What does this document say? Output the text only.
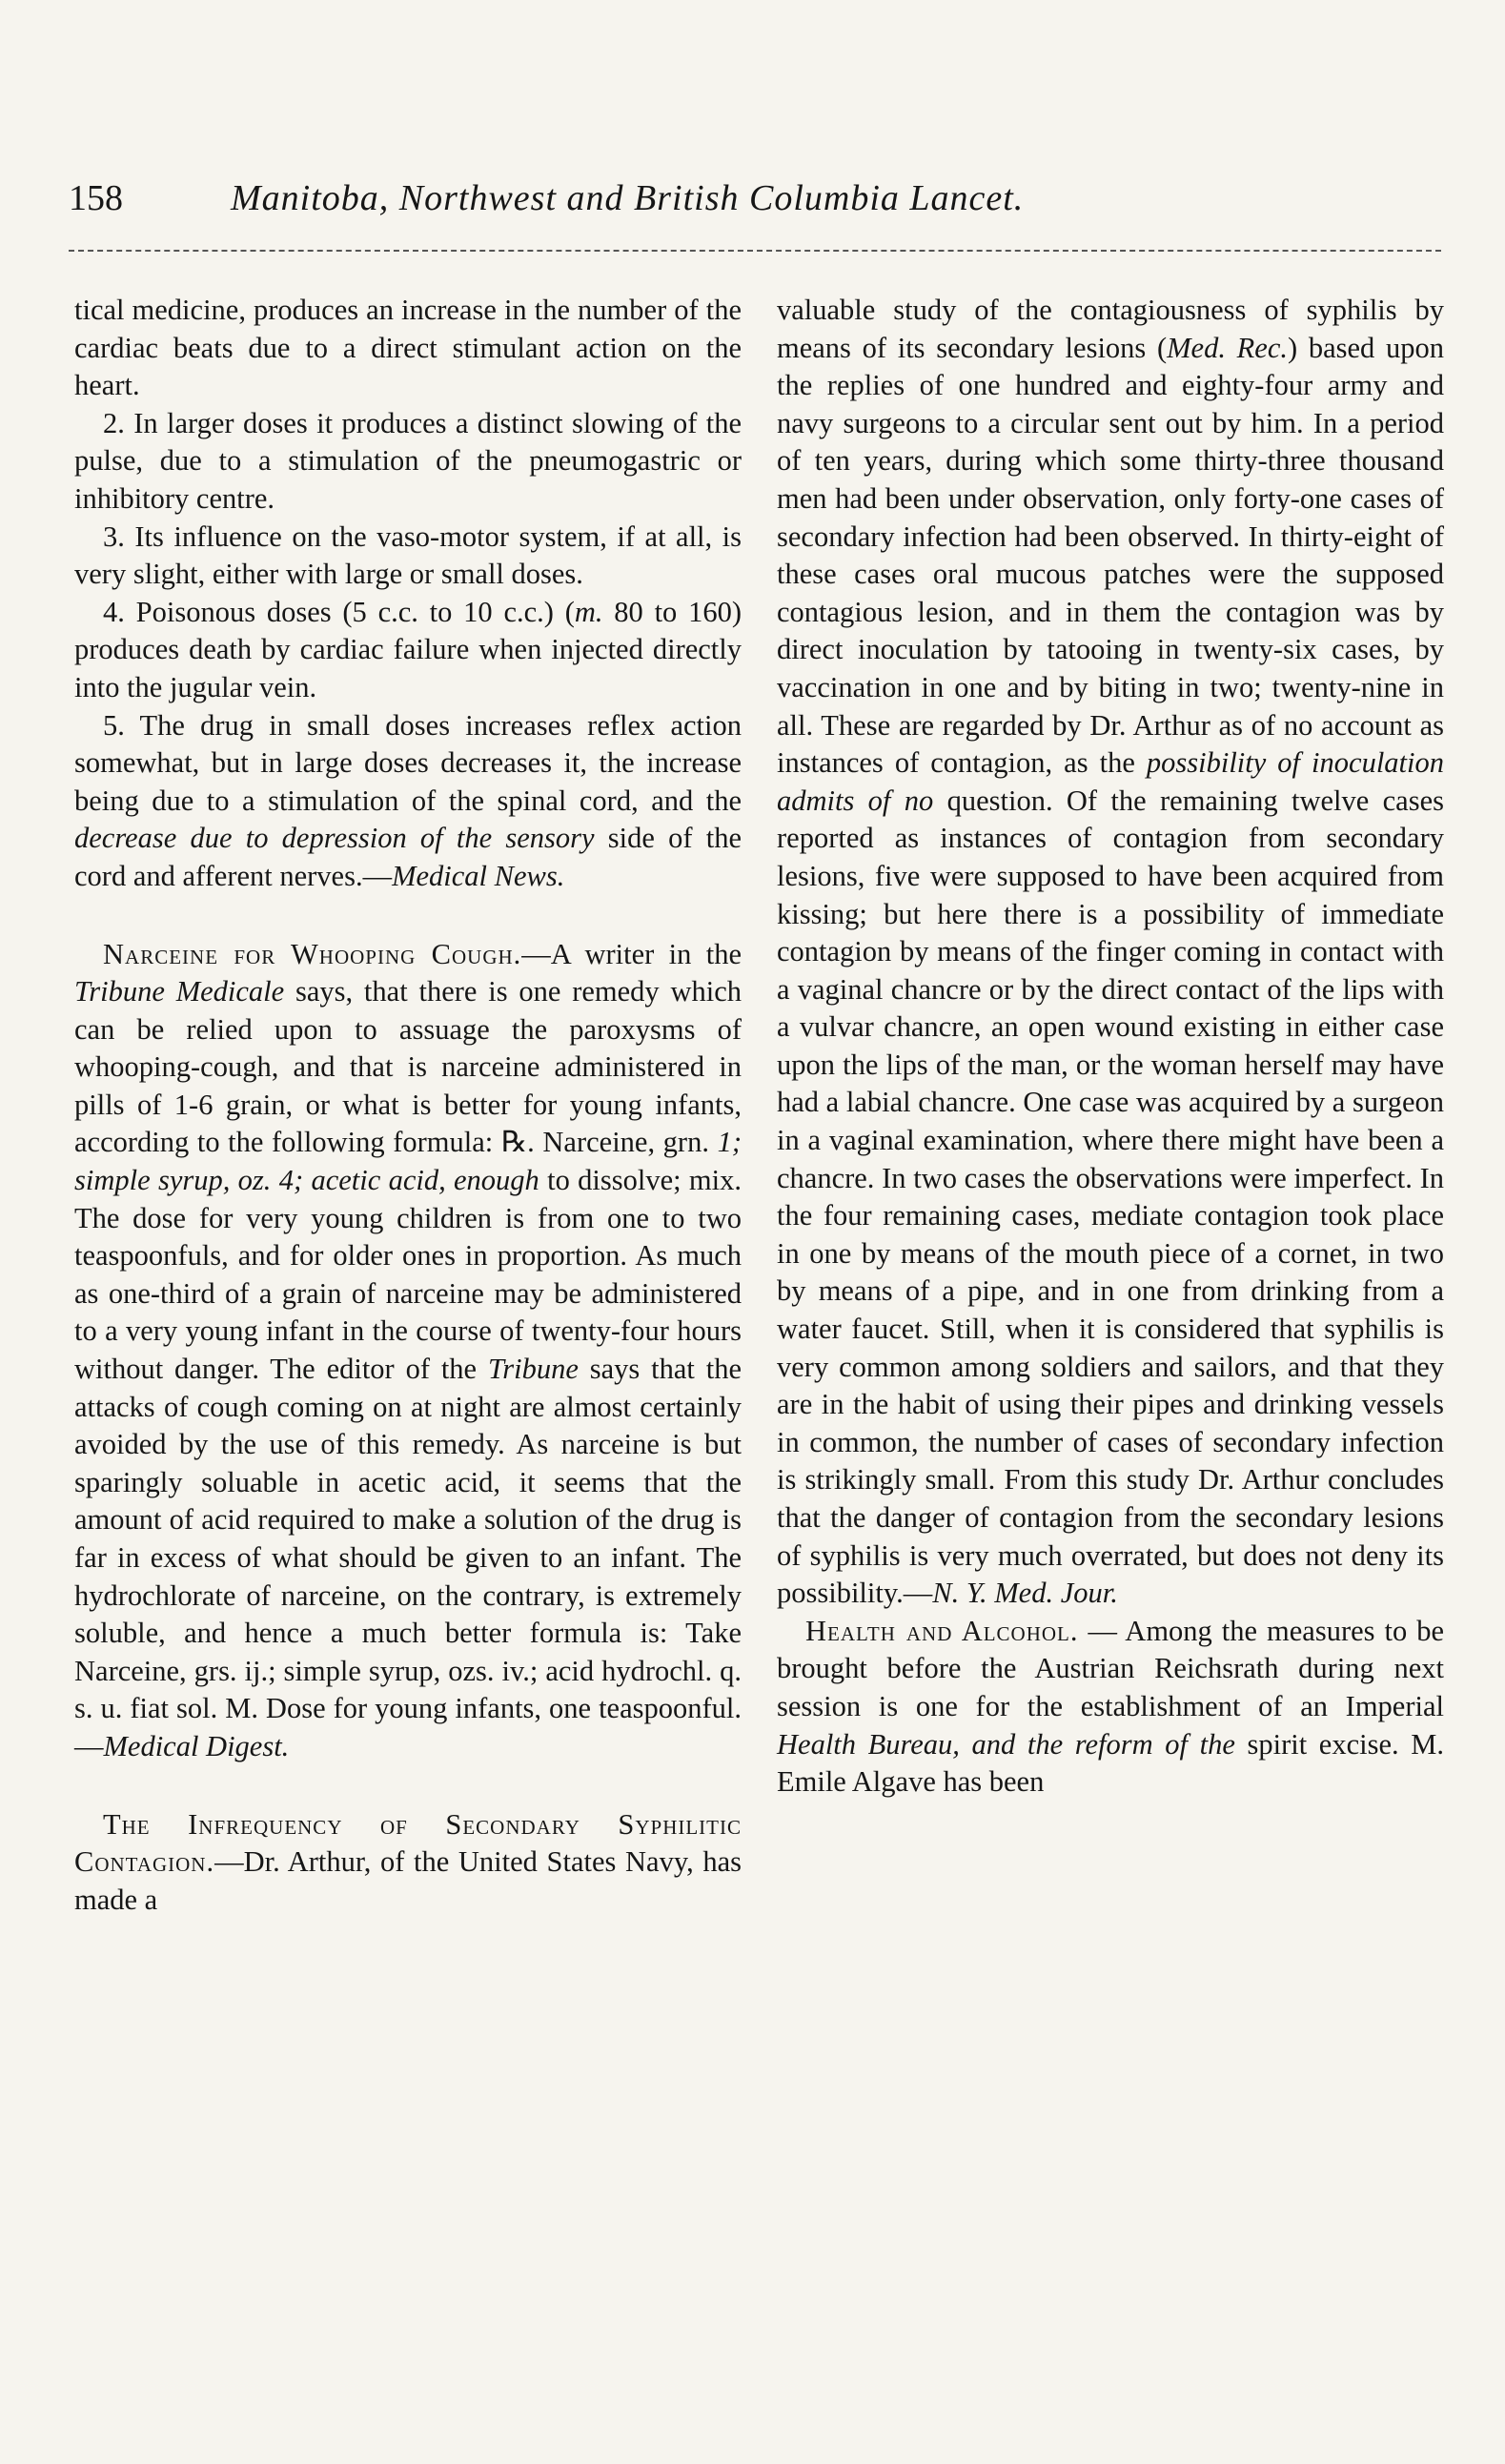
158	Manitoba, Northwest and British Columbia Lancet.

tical medicine, produces an increase in the number of the cardiac beats due to a direct stimulant action on the heart.

2. In larger doses it produces a distinct slowing of the pulse, due to a stimulation of the pneumogastric or inhibitory centre.

3. Its influence on the vaso-motor system, if at all, is very slight, either with large or small doses.

4. Poisonous doses (5 c.c. to 10 c.c.) (m. 80 to 160) produces death by cardiac failure when injected directly into the jugular vein.

5. The drug in small doses increases reflex action somewhat, but in large doses decreases it, the increase being due to a stimulation of the spinal cord, and the decrease due to depression of the sensory side of the cord and afferent nerves.—Medical News.

Narceine for Whooping Cough.—A writer in the Tribune Medicale says, that there is one remedy which can be relied upon to assuage the paroxysms of whooping-cough, and that is narceine administered in pills of 1-6 grain, or what is better for young infants, according to the following formula: ℞. Narceine, grn. 1; simple syrup, oz. 4; acetic acid, enough to dissolve; mix. The dose for very young children is from one to two teaspoonfuls, and for older ones in proportion. As much as one-third of a grain of narceine may be administered to a very young infant in the course of twenty-four hours without danger. The editor of the Tribune says that the attacks of cough coming on at night are almost certainly avoided by the use of this remedy. As narceine is but sparingly soluable in acetic acid, it seems that the amount of acid required to make a solution of the drug is far in excess of what should be given to an infant. The hydrochlorate of narceine, on the contrary, is extremely soluble, and hence a much better formula is: Take Narceine, grs. ij.; simple syrup, ozs. iv.; acid hydrochl. q. s. u. fiat sol. M. Dose for young infants, one teaspoonful.—Medical Digest.

The Infrequency of Secondary Syphilitic Contagion.—Dr. Arthur, of the United States Navy, has made a

valuable study of the contagiousness of syphilis by means of its secondary lesions (Med. Rec.) based upon the replies of one hundred and eighty-four army and navy surgeons to a circular sent out by him. In a period of ten years, during which some thirty-three thousand men had been under observation, only forty-one cases of secondary infection had been observed. In thirty-eight of these cases oral mucous patches were the supposed contagious lesion, and in them the contagion was by direct inoculation by tatooing in twenty-six cases, by vaccination in one and by biting in two; twenty-nine in all. These are regarded by Dr. Arthur as of no account as instances of contagion, as the possibility of inoculation admits of no question. Of the remaining twelve cases reported as instances of contagion from secondary lesions, five were supposed to have been acquired from kissing; but here there is a possibility of immediate contagion by means of the finger coming in contact with a vaginal chancre or by the direct contact of the lips with a vulvar chancre, an open wound existing in either case upon the lips of the man, or the woman herself may have had a labial chancre. One case was acquired by a surgeon in a vaginal examination, where there might have been a chancre. In two cases the observations were imperfect. In the four remaining cases, mediate contagion took place in one by means of the mouth piece of a cornet, in two by means of a pipe, and in one from drinking from a water faucet. Still, when it is considered that syphilis is very common among soldiers and sailors, and that they are in the habit of using their pipes and drinking vessels in common, the number of cases of secondary infection is strikingly small. From this study Dr. Arthur concludes that the danger of contagion from the secondary lesions of syphilis is very much overrated, but does not deny its possibility.—N. Y. Med. Jour.

Health and Alcohol. — Among the measures to be brought before the Austrian Reichsrath during next session is one for the establishment of an Imperial Health Bureau, and the reform of the spirit excise. M. Emile Algave has been
